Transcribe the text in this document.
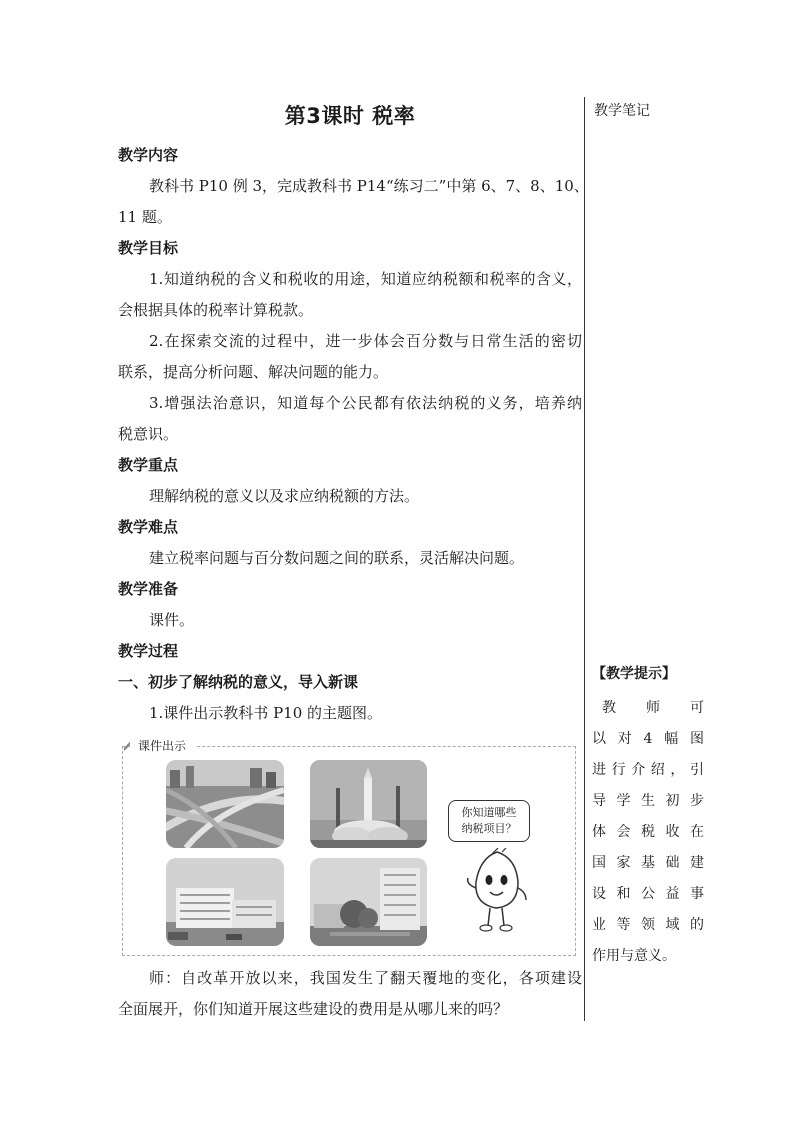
第3课时 税率	教学笔记
教学内容
教科书 P10 例 3，完成教科书 P14“练习二”中第 6、7、8、10、
11 题。
教学目标
1.知道纳税的含义和税收的用途，知道应纳税额和税率的含义，
会根据具体的税率计算税款。
2.在探索交流的过程中，进一步体会百分数与日常生活的密切
联系，提高分析问题、解决问题的能力。
3.增强法治意识，知道每个公民都有依法纳税的义务，培养纳
税意识。
教学重点
理解纳税的意义以及求应纳税额的方法。
教学难点
建立税率问题与百分数问题之间的联系，灵活解决问题。
教学准备
课件。
教学过程
一、初步了解纳税的意义，导入新课
1.课件出示教科书 P10 的主题图。
课件出示
你知道哪些
纳税项目？
师：自改革开放以来，我国发生了翻天覆地的变化，各项建设
全面展开，你们知道开展这些建设的费用是从哪儿来的吗？
【教学提示】
教师可
以对4幅图
进行介绍，引
导学生初步
体会税收在
国家基础建
设和公益事
业等领域的
作用与意义。
